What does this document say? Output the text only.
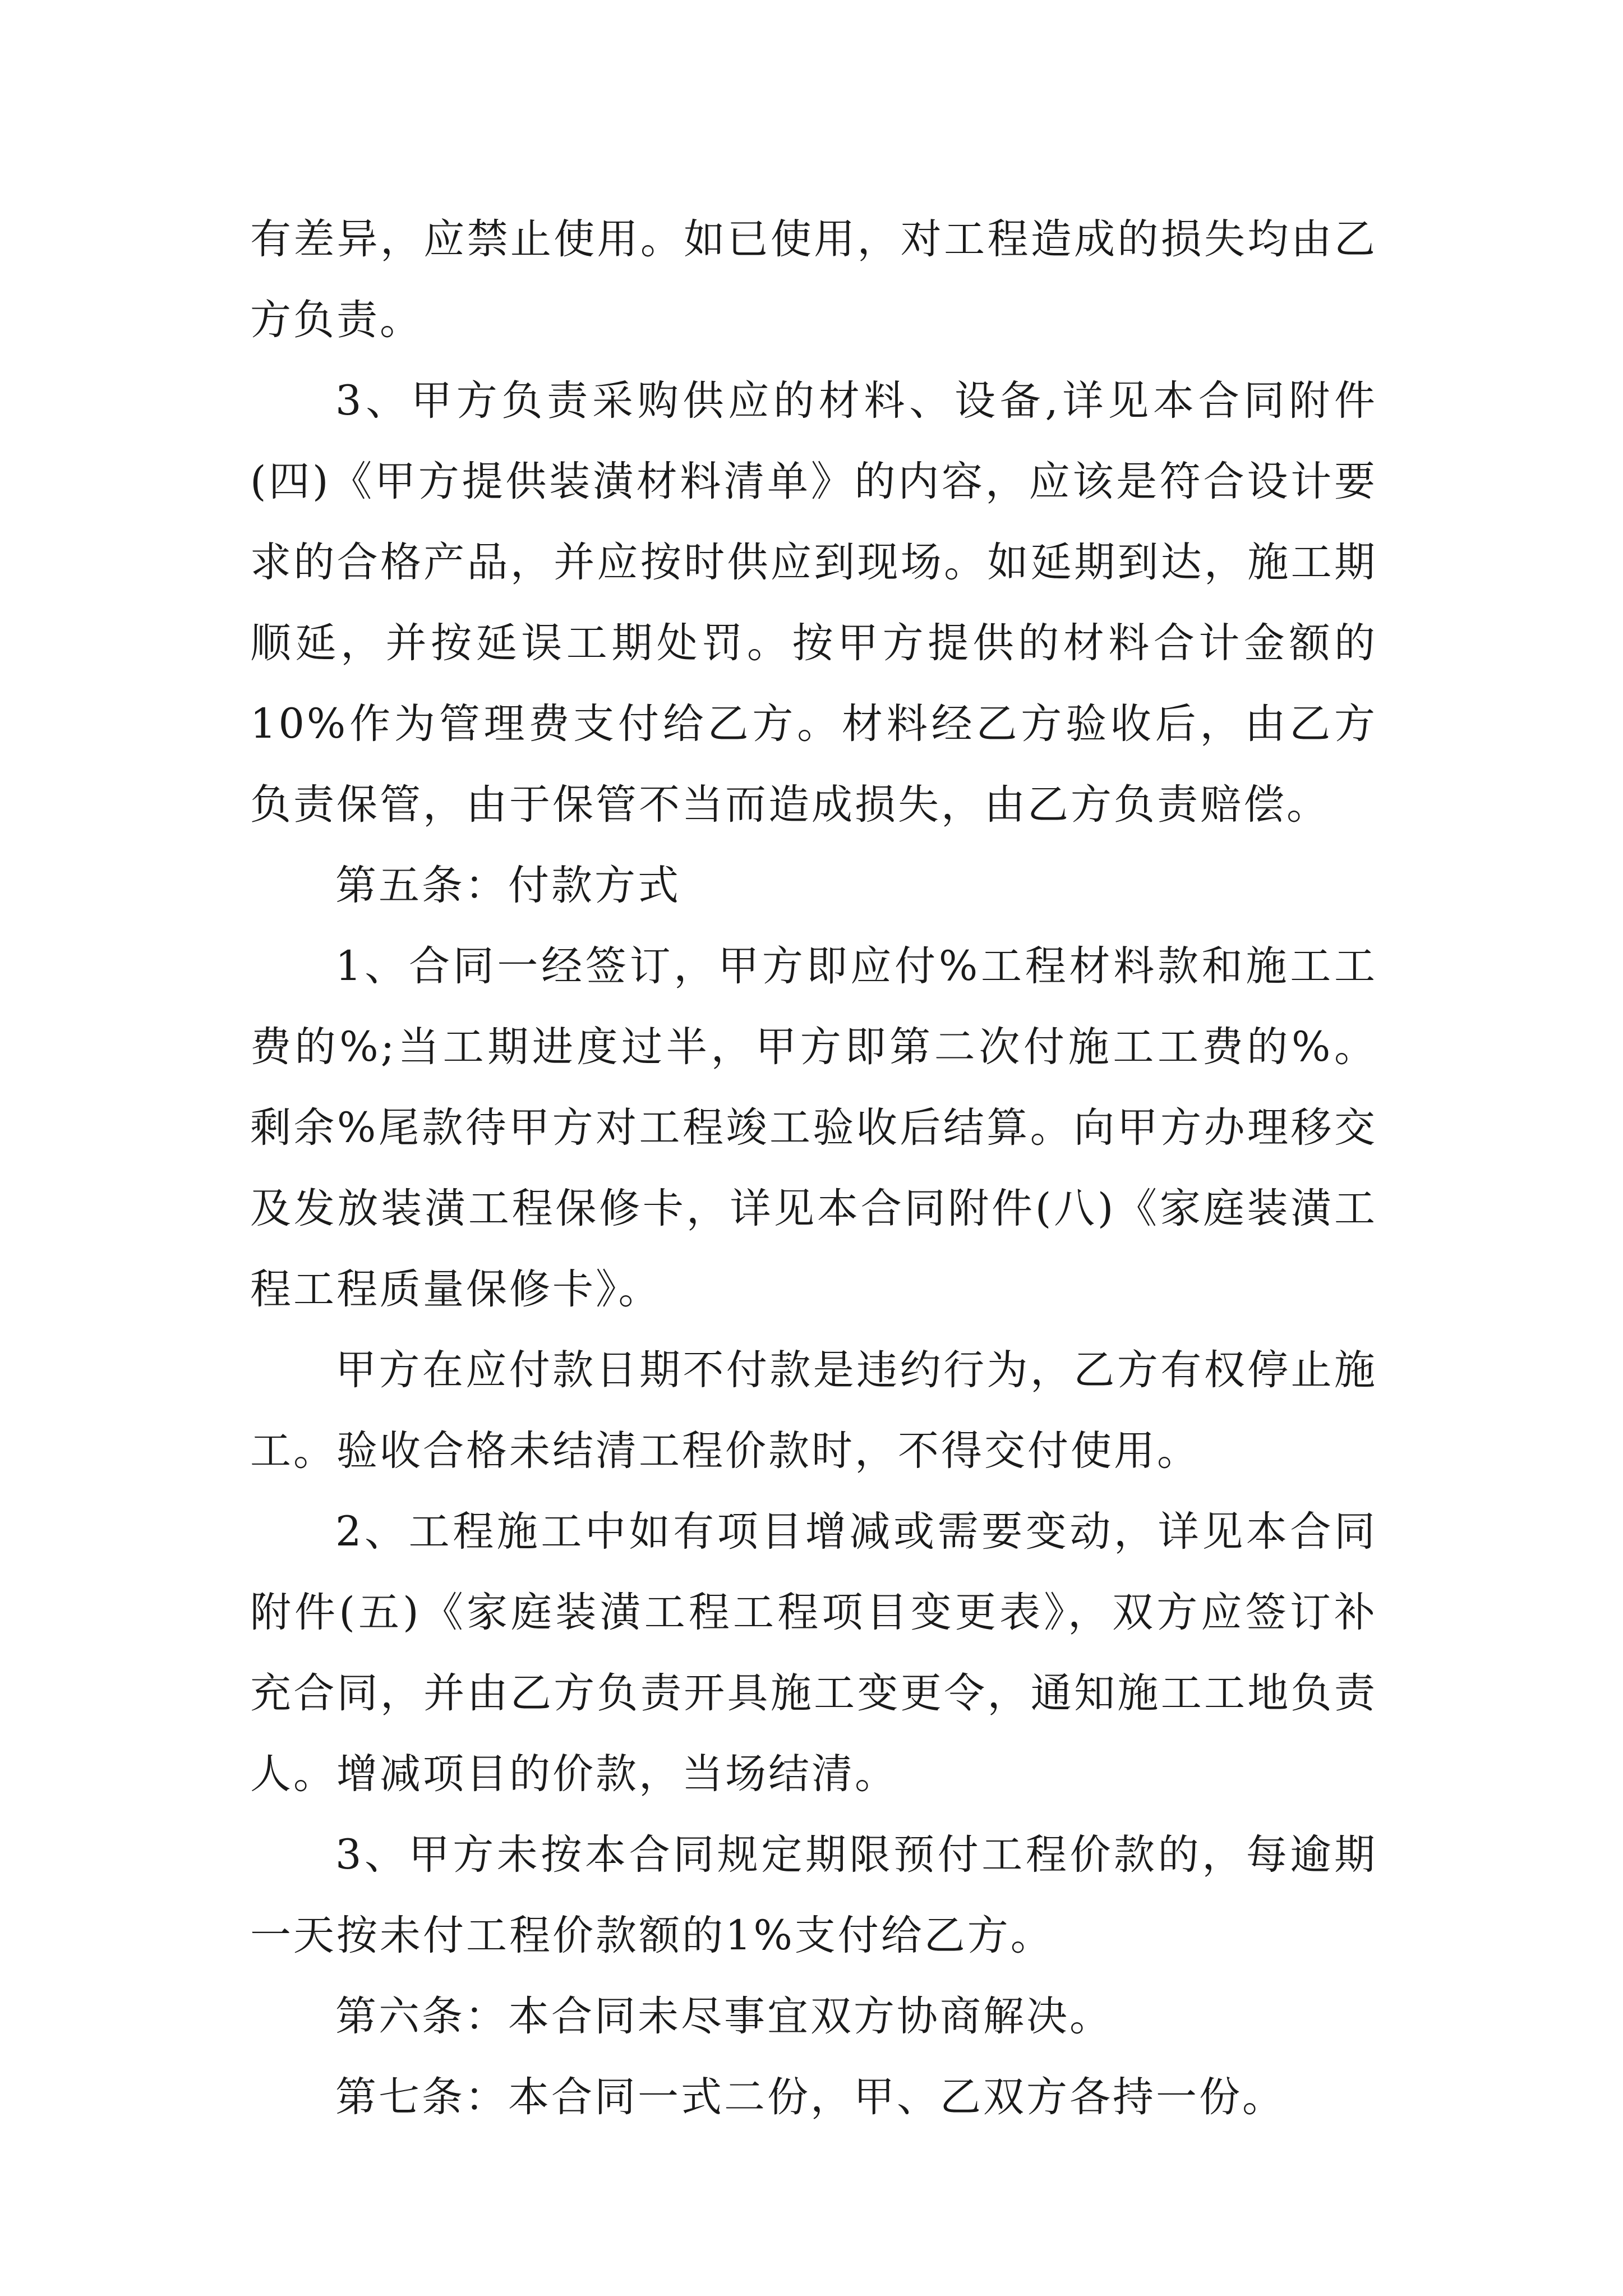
有差异，应禁止使用。如已使用，对工程造成的损失均由乙方负责。

3、甲方负责采购供应的材料、设备,详见本合同附件(四)《甲方提供装潢材料清单》的内容，应该是符合设计要求的合格产品，并应按时供应到现场。如延期到达，施工期顺延，并按延误工期处罚。按甲方提供的材料合计金额的10%作为管理费支付给乙方。材料经乙方验收后，由乙方负责保管，由于保管不当而造成损失，由乙方负责赔偿。

第五条：付款方式

1、合同一经签订，甲方即应付%工程材料款和施工工费的%;当工期进度过半，甲方即第二次付施工工费的%。剩余%尾款待甲方对工程竣工验收后结算。向甲方办理移交及发放装潢工程保修卡，详见本合同附件(八)《家庭装潢工程工程质量保修卡》。

甲方在应付款日期不付款是违约行为，乙方有权停止施工。验收合格未结清工程价款时，不得交付使用。

2、工程施工中如有项目增减或需要变动，详见本合同附件(五)《家庭装潢工程工程项目变更表》，双方应签订补充合同，并由乙方负责开具施工变更令，通知施工工地负责人。增减项目的价款，当场结清。

3、甲方未按本合同规定期限预付工程价款的，每逾期一天按未付工程价款额的1%支付给乙方。

第六条：本合同未尽事宜双方协商解决。

第七条：本合同一式二份，甲、乙双方各持一份。
